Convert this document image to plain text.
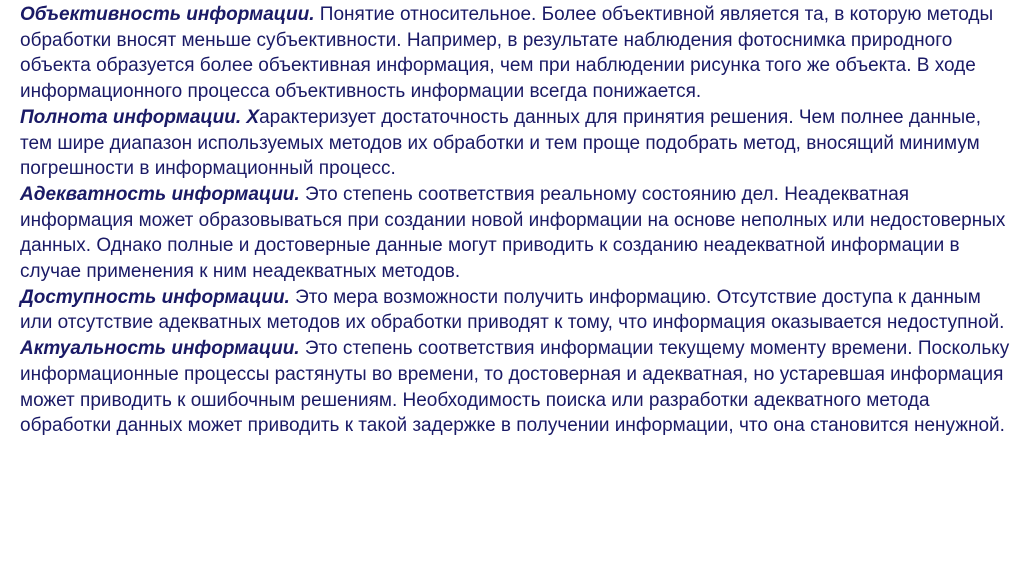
Объективность информации. Понятие относительное. Более объективной является та, в которую методы обработки вносят меньше субъективности. Например, в результате наблюдения фотоснимка природного объекта образуется более объективная информация, чем при наблюдении рисунка того же объекта. В ходе информационного процесса объективность информации всегда понижается.

Полнота информации. Характеризует достаточность данных для принятия решения. Чем полнее данные, тем шире диапазон используемых методов их обработки и тем проще подобрать метод, вносящий минимум погрешности в информационный процесс.

Адекватность информации. Это степень соответствия реальному состоянию дел. Неадекватная информация может образовываться при создании новой информации на основе неполных или недостоверных данных. Однако полные и достоверные данные могут приводить к созданию неадекватной информации в случае применения к ним неадекватных методов.

Доступность информации. Это мера возможности получить информацию. Отсутствие доступа к данным или отсутствие адекватных методов их обработки приводят к тому, что информация оказывается недоступной.

Актуальность информации. Это степень соответствия информации текущему моменту времени. Поскольку информационные процессы растянуты во времени, то достоверная и адекватная, но устаревшая информация может приводить к ошибочным решениям. Необходимость поиска или разработки адекватного метода обработки данных может приводить к такой задержке в получении информации, что она становится ненужной.
